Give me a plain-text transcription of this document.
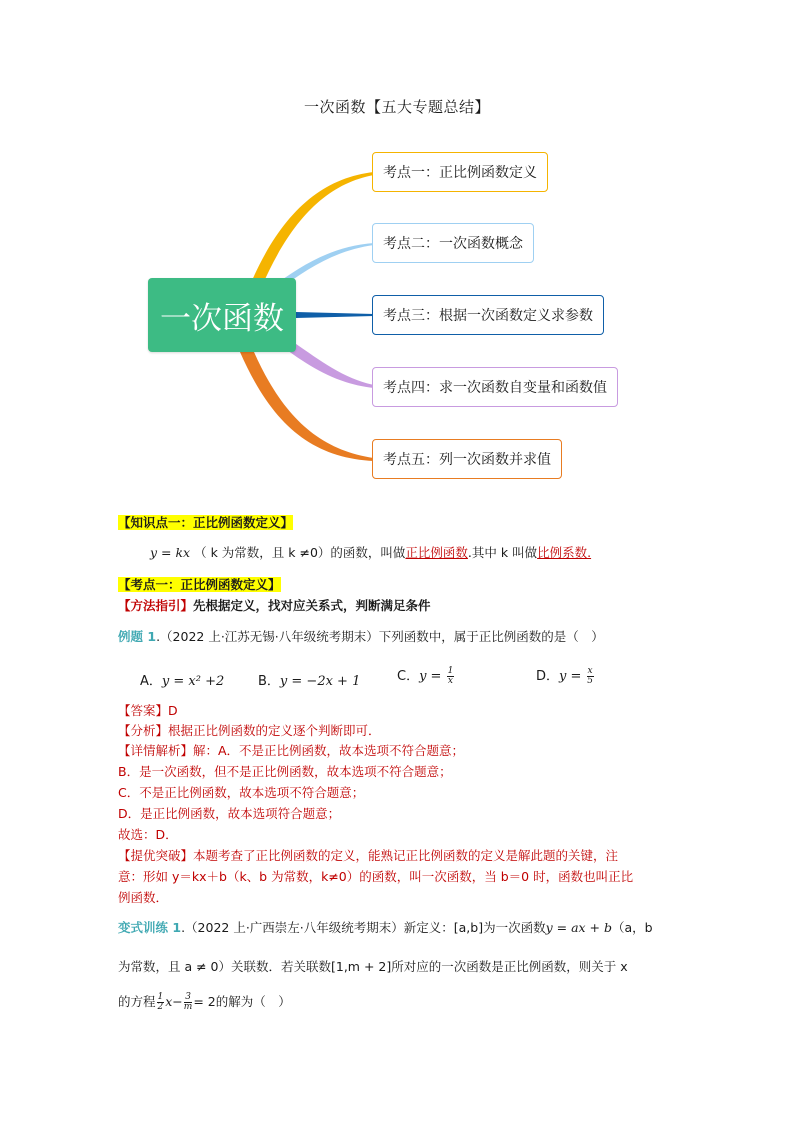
一次函数【五大专题总结】
一次函数
考点一：正比例函数定义
考点二：一次函数概念
考点三：根据一次函数定义求参数
考点四：求一次函数自变量和函数值
考点五：列一次函数并求值
【知识点一：正比例函数定义】
y = kx （ k 为常数，且 k ≠0）的函数，叫做正比例函数.其中 k 叫做比例系数.
【考点一：正比例函数定义】
【方法指引】先根据定义，找对应关系式，判断满足条件
例题 1.（2022 上·江苏无锡·八年级统考期末）下列函数中，属于正比例函数的是（　）
A．y = x² +2	B．y = −2x + 1	C．$y = \frac{1}{x}$	D．$y = \frac{x}{5}$
【答案】D
【分析】根据正比例函数的定义逐个判断即可．
【详情解析】解：A．不是正比例函数，故本选项不符合题意；
B．是一次函数，但不是正比例函数，故本选项不符合题意；
C．不是正比例函数，故本选项不符合题意；
D．是正比例函数，故本选项符合题意；
故选：D．
【提优突破】本题考查了正比例函数的定义，能熟记正比例函数的定义是解此题的关键，注
意：形如 y＝kx＋b（k、b 为常数，k≠0）的函数，叫一次函数，当 b＝0 时，函数也叫正比
例函数．
变式训练 1.（2022 上·广西崇左·八年级统考期末）新定义：[a,b]为一次函数y = ax + b（a，b
为常数，且 a ≠ 0）关联数．若关联数[1,m + 2]所对应的一次函数是正比例函数，则关于 x
的方程 $\frac{1}{2} x- \frac{3}{m} = 2$的解为（　）
